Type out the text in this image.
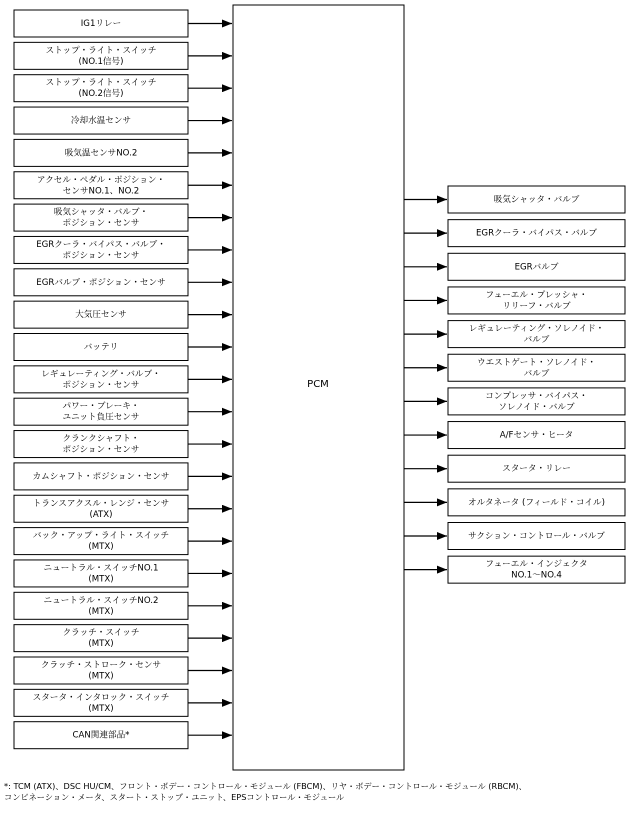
PCM
IG1リレー
ストップ・ライト・スイッチ
(NO.1信号)
ストップ・ライト・スイッチ
(NO.2信号)
冷却水温センサ
吸気温センサNO.2
アクセル・ペダル・ポジション・
センサNO.1、NO.2
吸気シャッタ・バルブ・
ポジション・センサ
EGRクーラ・バイパス・バルブ・
ポジション・センサ
EGRバルブ・ポジション・センサ
大気圧センサ
バッテリ
レギュレーティング・バルブ・
ポジション・センサ
パワー・ブレーキ・
ユニット負圧センサ
クランクシャフト・
ポジション・センサ
カムシャフト・ポジション・センサ
トランスアクスル・レンジ・センサ
(ATX)
バック・アップ・ライト・スイッチ
(MTX)
ニュートラル・スイッチNO.1
(MTX)
ニュートラル・スイッチNO.2
(MTX)
クラッチ・スイッチ
(MTX)
クラッチ・ストローク・センサ
(MTX)
スタータ・インタロック・スイッチ
(MTX)
CAN関連部品*
吸気シャッタ・バルブ
EGRクーラ・バイパス・バルブ
EGRバルブ
フューエル・プレッシャ・
リリーフ・バルブ
レギュレーティング・ソレノイド・
バルブ
ウエストゲート・ソレノイド・
バルブ
コンプレッサ・バイパス・
ソレノイド・バルブ
A/Fセンサ・ヒータ
スタータ・リレー
オルタネータ (フィールド・コイル)
サクション・コントロール・バルブ
フューエル・インジェクタ
NO.1〜NO.4
*: TCM (ATX)、DSC HU/CM、フロント・ボデー・コントロール・モジュール (FBCM)、リヤ・ボデー・コントロール・モジュール (RBCM)、
コンビネーション・メータ、スタート・ストップ・ユニット、EPSコントロール・モジュール
